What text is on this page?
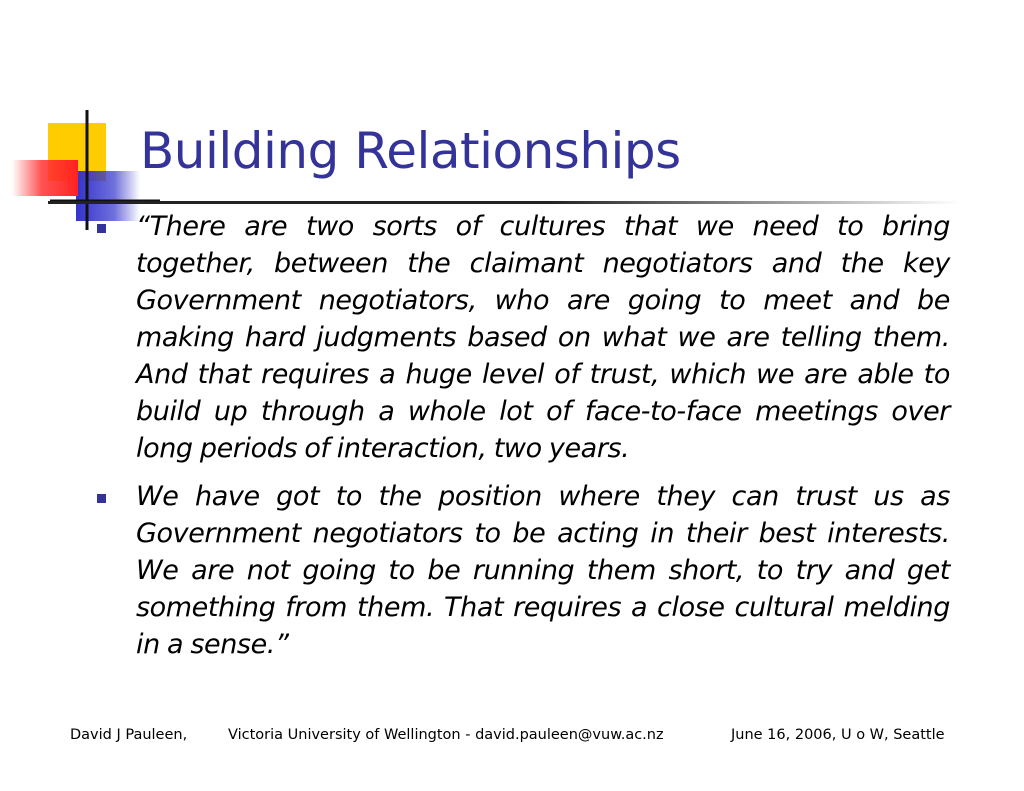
Building Relationships
“There are two sorts of cultures that we need to bring together, between the claimant negotiators and the key Government negotiators, who are going to meet and be making hard judgments based on what we are telling them. And that requires a huge level of trust, which we are able to build up through a whole lot of face-to-face meetings over long periods of interaction, two years.
We have got to the position where they can trust us as Government negotiators to be acting in their best interests. We are not going to be running them short, to try and get something from them. That requires a close cultural melding in a sense.”

David J Pauleen,

	Victoria University of Wellington - david.pauleen@vuw.ac.nz

	June 16, 2006, U o W, Seattle
